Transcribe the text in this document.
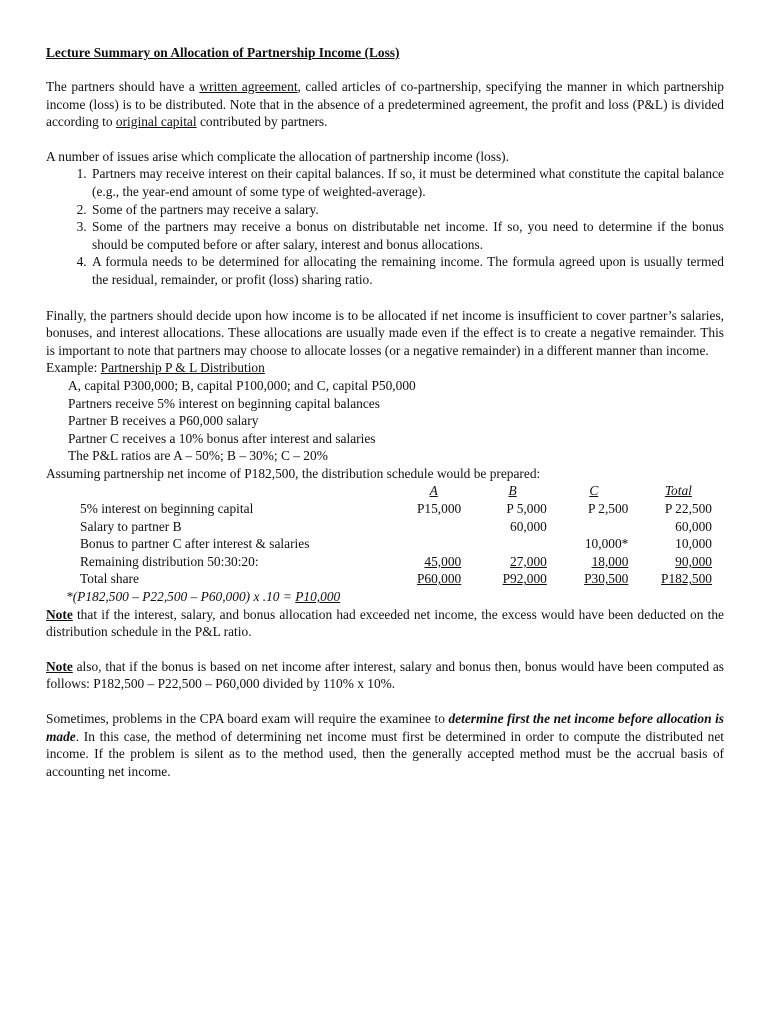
Lecture Summary on Allocation of Partnership Income (Loss)

The partners should have a written agreement, called articles of co-partnership, specifying the manner in which partnership income (loss) is to be distributed. Note that in the absence of a predetermined agreement, the profit and loss (P&L) is divided according to original capital contributed by partners.

A number of issues arise which complicate the allocation of partnership income (loss).

1. Partners may receive interest on their capital balances. If so, it must be determined what constitute the capital balance (e.g., the year-end amount of some type of weighted-average).
2. Some of the partners may receive a salary.
3. Some of the partners may receive a bonus on distributable net income. If so, you need to determine if the bonus should be computed before or after salary, interest and bonus allocations.
4. A formula needs to be determined for allocating the remaining income. The formula agreed upon is usually termed the residual, remainder, or profit (loss) sharing ratio.

Finally, the partners should decide upon how income is to be allocated if net income is insufficient to cover partner’s salaries, bonuses, and interest allocations. These allocations are usually made even if the effect is to create a negative remainder. This is important to note that partners may choose to allocate losses (or a negative remainder) in a different manner than income.

Example: Partnership P & L Distribution

A, capital P300,000; B, capital P100,000; and C, capital P50,000

Partners receive 5% interest on beginning capital balances

Partner B receives a P60,000 salary

Partner C receives a 10% bonus after interest and salaries

The P&L ratios are A – 50%; B – 30%; C – 20%

Assuming partnership net income of P182,500, the distribution schedule would be prepared:

	A	B	C	Total
5% interest on beginning capital	P15,000	P 5,000	P 2,500	P 22,500
Salary to partner B		60,000		60,000
Bonus to partner C after interest & salaries			10,000*	10,000
Remaining distribution 50:30:20:	45,000	27,000	18,000	90,000
Total share	P60,000	P92,000	P30,500	P182,500

*(P182,500 – P22,500 – P60,000) x .10 = P10,000

Note that if the interest, salary, and bonus allocation had exceeded net income, the excess would have been deducted on the distribution schedule in the P&L ratio.

Note also, that if the bonus is based on net income after interest, salary and bonus then, bonus would have been computed as follows: P182,500 – P22,500 – P60,000 divided by 110% x 10%.

Sometimes, problems in the CPA board exam will require the examinee to determine first the net income before allocation is made. In this case, the method of determining net income must first be determined in order to compute the distributed net income. If the problem is silent as to the method used, then the generally accepted method must be the accrual basis of accounting net income.
